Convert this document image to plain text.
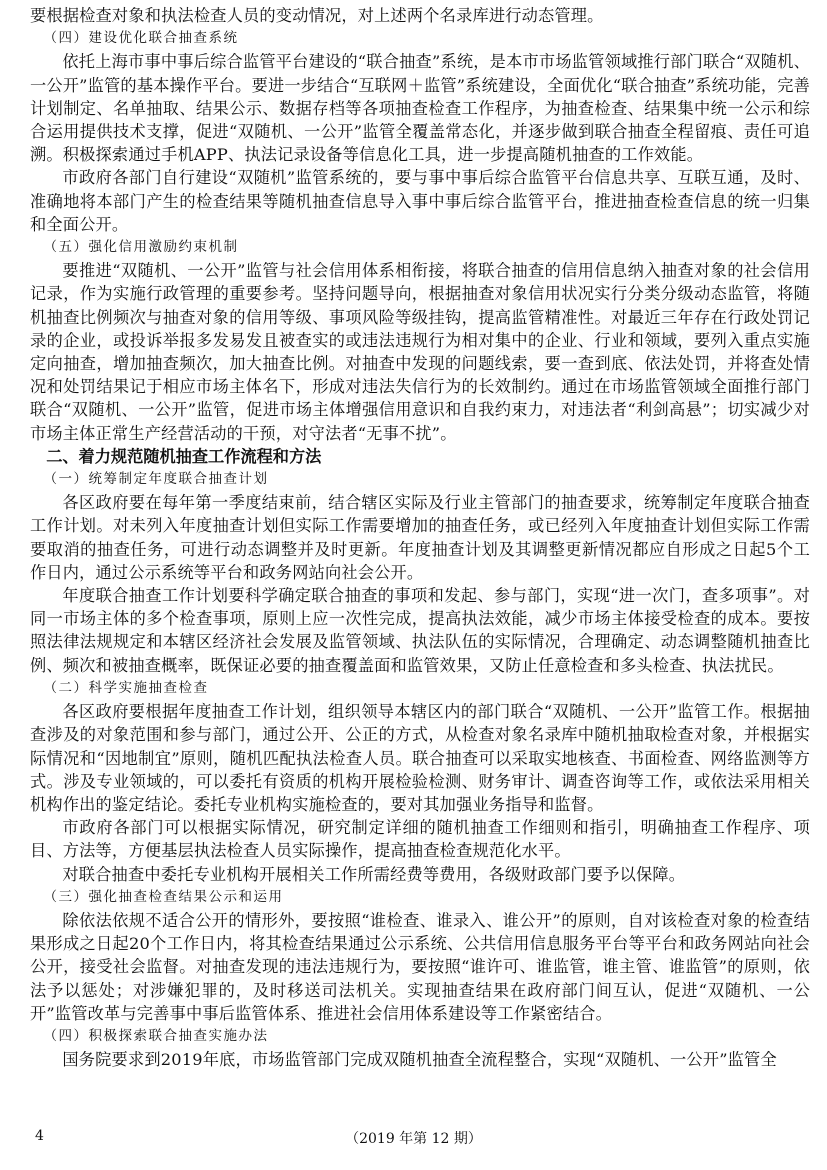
要根据检查对象和执法检查人员的变动情况，对上述两个名录库进行动态管理。

（四）建设优化联合抽查系统

依托上海市事中事后综合监管平台建设的“联合抽查”系统，是本市市场监管领域推行部门联合“双随机、一公开”监管的基本操作平台。要进一步结合“互联网＋监管”系统建设，全面优化“联合抽查”系统功能，完善计划制定、名单抽取、结果公示、数据存档等各项抽查检查工作程序，为抽查检查、结果集中统一公示和综合运用提供技术支撑，促进“双随机、一公开”监管全覆盖常态化，并逐步做到联合抽查全程留痕、责任可追溯。积极探索通过手机APP、执法记录设备等信息化工具，进一步提高随机抽查的工作效能。

市政府各部门自行建设“双随机”监管系统的，要与事中事后综合监管平台信息共享、互联互通，及时、准确地将本部门产生的检查结果等随机抽查信息导入事中事后综合监管平台，推进抽查检查信息的统一归集和全面公开。

（五）强化信用激励约束机制

要推进“双随机、一公开”监管与社会信用体系相衔接，将联合抽查的信用信息纳入抽查对象的社会信用记录，作为实施行政管理的重要参考。坚持问题导向，根据抽查对象信用状况实行分类分级动态监管，将随机抽查比例频次与抽查对象的信用等级、事项风险等级挂钩，提高监管精准性。对最近三年存在行政处罚记录的企业，或投诉举报多发易发且被查实的或违法违规行为相对集中的企业、行业和领域，要列入重点实施定向抽查，增加抽查频次，加大抽查比例。对抽查中发现的问题线索，要一查到底、依法处罚，并将查处情况和处罚结果记于相应市场主体名下，形成对违法失信行为的长效制约。通过在市场监管领域全面推行部门联合“双随机、一公开”监管，促进市场主体增强信用意识和自我约束力，对违法者“利剑高悬”；切实减少对市场主体正常生产经营活动的干预，对守法者“无事不扰”。

二、着力规范随机抽查工作流程和方法
（一）统筹制定年度联合抽查计划

各区政府要在每年第一季度结束前，结合辖区实际及行业主管部门的抽查要求，统筹制定年度联合抽查工作计划。对未列入年度抽查计划但实际工作需要增加的抽查任务，或已经列入年度抽查计划但实际工作需要取消的抽查任务，可进行动态调整并及时更新。年度抽查计划及其调整更新情况都应自形成之日起5个工作日内，通过公示系统等平台和政务网站向社会公开。

年度联合抽查工作计划要科学确定联合抽查的事项和发起、参与部门，实现“进一次门，查多项事”。对同一市场主体的多个检查事项，原则上应一次性完成，提高执法效能，减少市场主体接受检查的成本。要按照法律法规规定和本辖区经济社会发展及监管领域、执法队伍的实际情况，合理确定、动态调整随机抽查比例、频次和被抽查概率，既保证必要的抽查覆盖面和监管效果，又防止任意检查和多头检查、执法扰民。

（二）科学实施抽查检查

各区政府要根据年度抽查工作计划，组织领导本辖区内的部门联合“双随机、一公开”监管工作。根据抽查涉及的对象范围和参与部门，通过公开、公正的方式，从检查对象名录库中随机抽取检查对象，并根据实际情况和“因地制宜”原则，随机匹配执法检查人员。联合抽查可以采取实地核查、书面检查、网络监测等方式。涉及专业领域的，可以委托有资质的机构开展检验检测、财务审计、调查咨询等工作，或依法采用相关机构作出的鉴定结论。委托专业机构实施检查的，要对其加强业务指导和监督。

市政府各部门可以根据实际情况，研究制定详细的随机抽查工作细则和指引，明确抽查工作程序、项目、方法等，方便基层执法检查人员实际操作，提高抽查检查规范化水平。

对联合抽查中委托专业机构开展相关工作所需经费等费用，各级财政部门要予以保障。

（三）强化抽查检查结果公示和运用

除依法依规不适合公开的情形外，要按照“谁检查、谁录入、谁公开”的原则，自对该检查对象的检查结果形成之日起20个工作日内，将其检查结果通过公示系统、公共信用信息服务平台等平台和政务网站向社会公开，接受社会监督。对抽查发现的违法违规行为，要按照“谁许可、谁监管，谁主管、谁监管”的原则，依法予以惩处；对涉嫌犯罪的，及时移送司法机关。实现抽查结果在政府部门间互认，促进“双随机、一公开”监管改革与完善事中事后监管体系、推进社会信用体系建设等工作紧密结合。

（四）积极探索联合抽查实施办法

国务院要求到2019年底，市场监管部门完成双随机抽查全流程整合，实现“双随机、一公开”监管全

4	（2019 年第 12 期）
